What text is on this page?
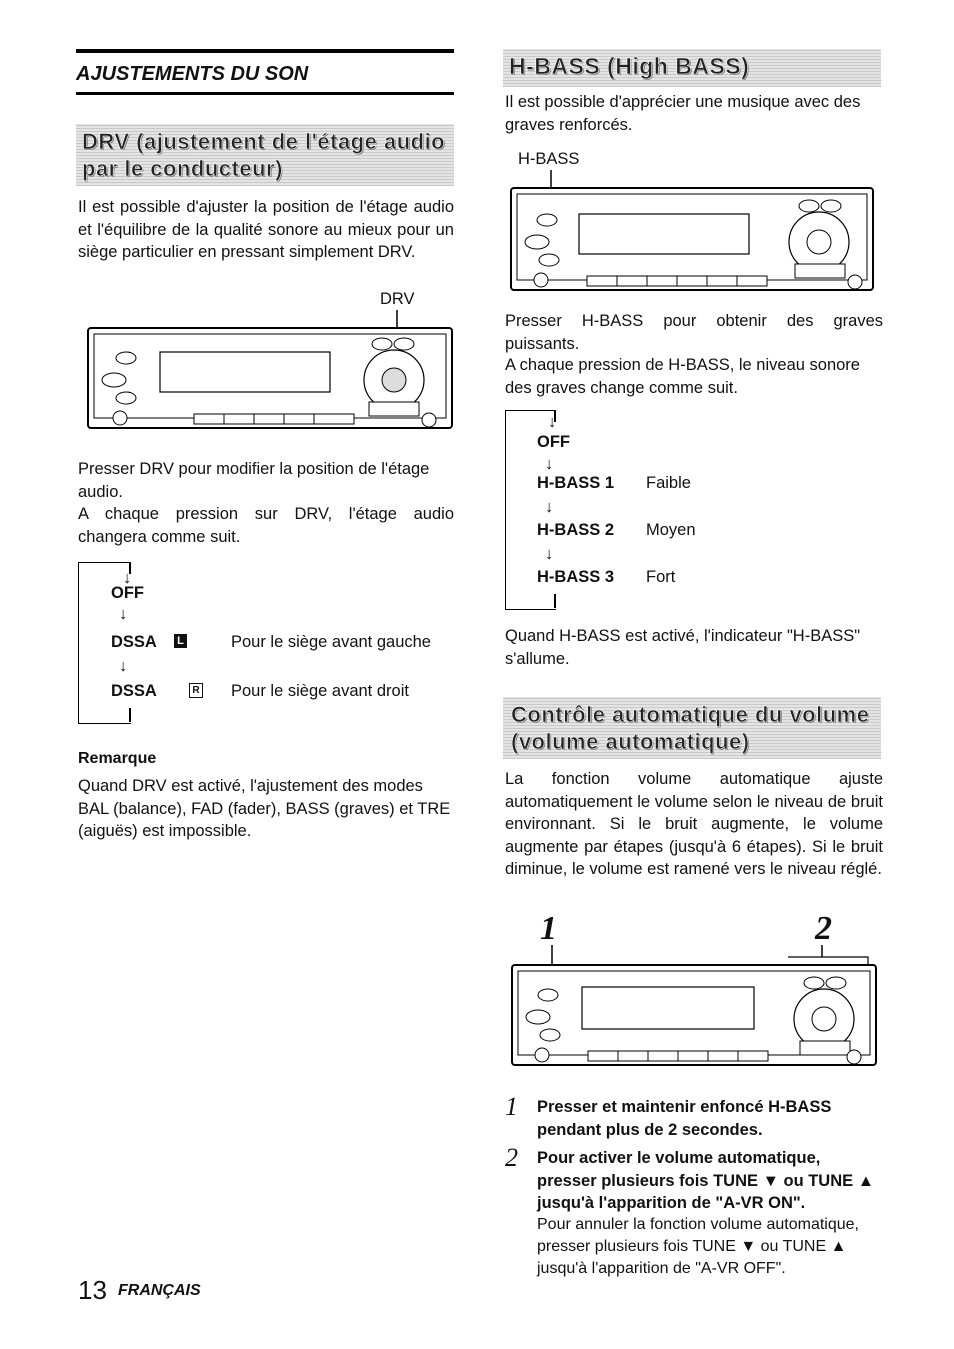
AJUSTEMENTS DU SON
DRV (ajustement de l'étage audio
par le conducteur)

Il est possible d'ajuster la position de l'étage audio et l'équilibre de la qualité sonore au mieux pour un siège particulier en pressant simplement DRV.

DRV

Presser DRV pour modifier la position de l'étage audio.

A chaque pression sur DRV, l'étage audio changera comme suit.

↓
OFF
↓
DSSA L	Pour le siège avant gauche
↓
DSSA	R Pour le siège avant droit
Remarque

Quand DRV est activé, l'ajustement des modes BAL (balance), FAD (fader), BASS (graves) et TRE (aiguës) est impossible.

H-BASS (High BASS)

Il est possible d'apprécier une musique avec des graves renforcés.

H-BASS

Presser H-BASS pour obtenir des graves puissants.

A chaque pression de H-BASS, le niveau sonore des graves change comme suit.

↓
OFF
↓
H-BASS 1 Faible
↓
H-BASS 2 Moyen
↓
H-BASS 3 Fort

Quand H-BASS est activé, l'indicateur "H-BASS" s'allume.

Contrôle automatique du volume
(volume automatique)

La fonction volume automatique ajuste automatiquement le volume selon le niveau de bruit environnant. Si le bruit augmente, le volume augmente par étapes (jusqu'à 6 étapes). Si le bruit diminue, le volume est ramené vers le niveau réglé.

1	2
1 Presser et maintenir enfoncé H-BASS pendant plus de 2 secondes.

2 Pour activer le volume automatique, presser plusieurs fois TUNE ▼ ou TUNE ▲ jusqu'à l'apparition de "A-VR ON".

Pour annuler la fonction volume automatique, presser plusieurs fois TUNE ▼ ou TUNE ▲ jusqu'à l'apparition de "A-VR OFF".

13 FRANÇAIS
